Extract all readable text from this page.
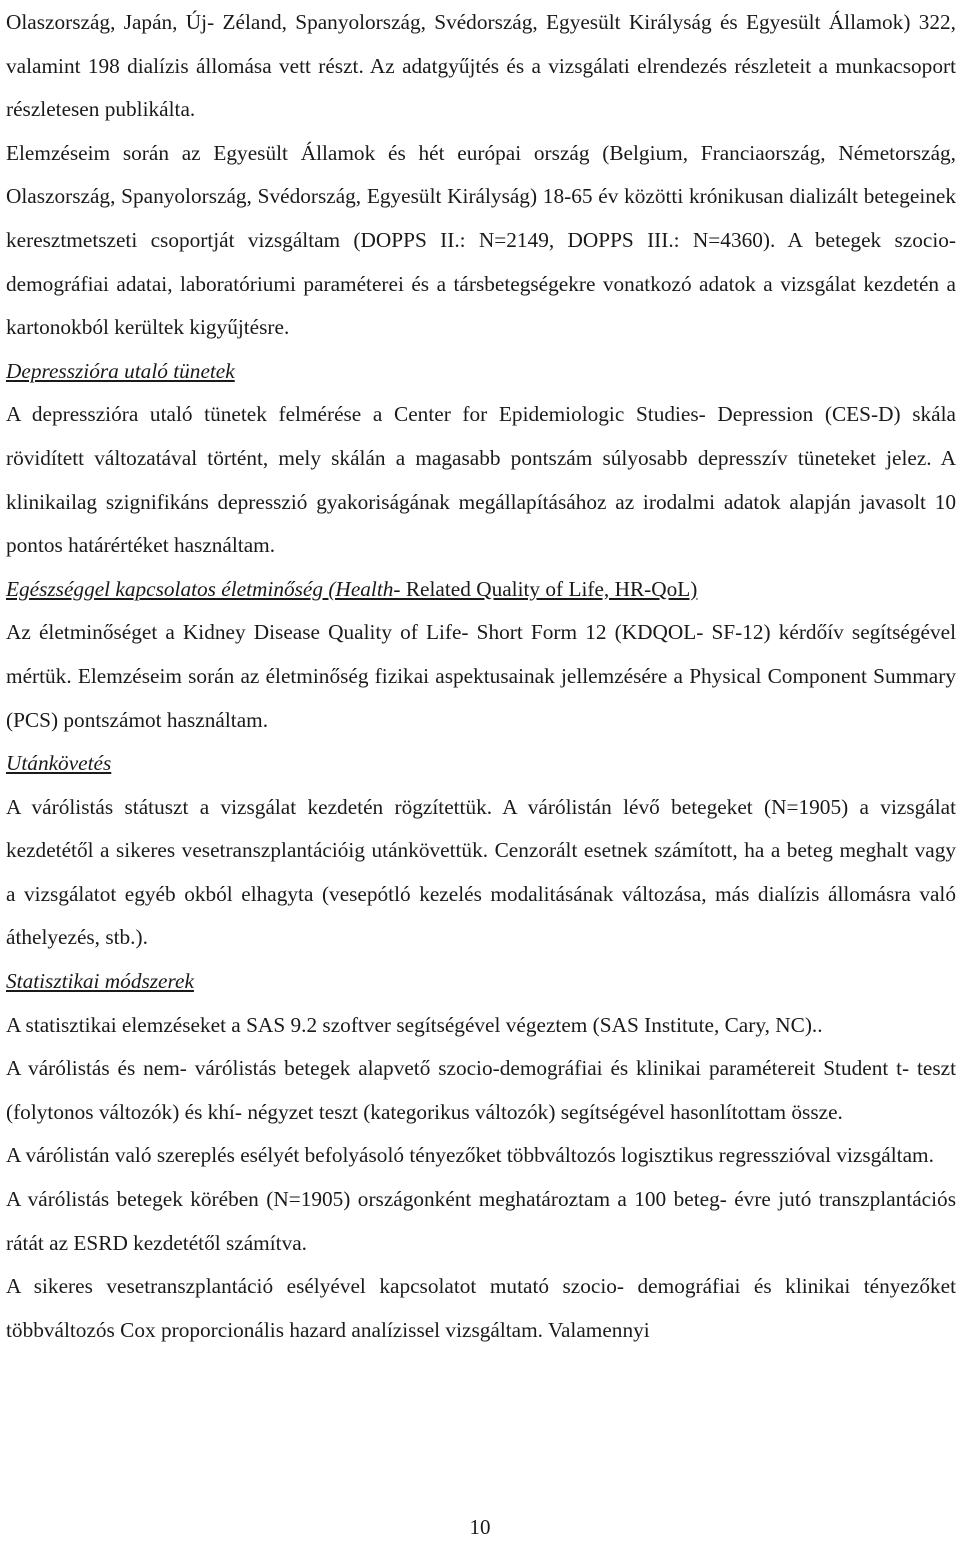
Olaszország, Japán, Új- Zéland, Spanyolország, Svédország, Egyesült Királyság és Egyesült Államok) 322, valamint 198 dialízis állomása vett részt. Az adatgyűjtés és a vizsgálati elrendezés részleteit a munkacsoport részletesen publikálta.

Elemzéseim során az Egyesült Államok és hét európai ország (Belgium, Franciaország, Németország, Olaszország, Spanyolország, Svédország, Egyesült Királyság) 18-65 év közötti krónikusan dializált betegeinek keresztmetszeti csoportját vizsgáltam (DOPPS II.: N=2149, DOPPS III.: N=4360). A betegek szocio-demográfiai adatai, laboratóriumi paraméterei és a társbetegségekre vonatkozó adatok a vizsgálat kezdetén a kartonokból kerültek kigyűjtésre.

Depresszióra utaló tünetek

A depresszióra utaló tünetek felmérése a Center for Epidemiologic Studies- Depression (CES-D) skála rövidített változatával történt, mely skálán a magasabb pontszám súlyosabb depresszív tüneteket jelez. A klinikailag szignifikáns depresszió gyakoriságának megállapításához az irodalmi adatok alapján javasolt 10 pontos határértéket használtam.

Egészséggel kapcsolatos életminőség (Health- Related Quality of Life, HR-QoL)

Az életminőséget a Kidney Disease Quality of Life- Short Form 12 (KDQOL- SF-12) kérdőív segítségével mértük. Elemzéseim során az életminőség fizikai aspektusainak jellemzésére a Physical Component Summary (PCS) pontszámot használtam.

Utánkövetés

A várólistás státuszt a vizsgálat kezdetén rögzítettük. A várólistán lévő betegeket (N=1905) a vizsgálat kezdetétől a sikeres vesetranszplantációig utánkövettük. Cenzorált esetnek számított, ha a beteg meghalt vagy a vizsgálatot egyéb okból elhagyta (vesepótló kezelés modalitásának változása, más dialízis állomásra való áthelyezés, stb.).

Statisztikai módszerek

A statisztikai elemzéseket a SAS 9.2 szoftver segítségével végeztem (SAS Institute, Cary, NC)..

A várólistás és nem- várólistás betegek alapvető szocio-demográfiai és klinikai paramétereit Student t- teszt (folytonos változók) és khí- négyzet teszt (kategorikus változók) segítségével hasonlítottam össze.

A várólistán való szereplés esélyét befolyásoló tényezőket többváltozós logisztikus regresszióval vizsgáltam.

A várólistás betegek körében (N=1905) országonként meghatároztam a 100 beteg- évre jutó transzplantációs rátát az ESRD kezdetétől számítva.

A sikeres vesetranszplantáció esélyével kapcsolatot mutató szocio- demográfiai és klinikai tényezőket többváltozós Cox proporcionális hazard analízissel vizsgáltam. Valamennyi

10
